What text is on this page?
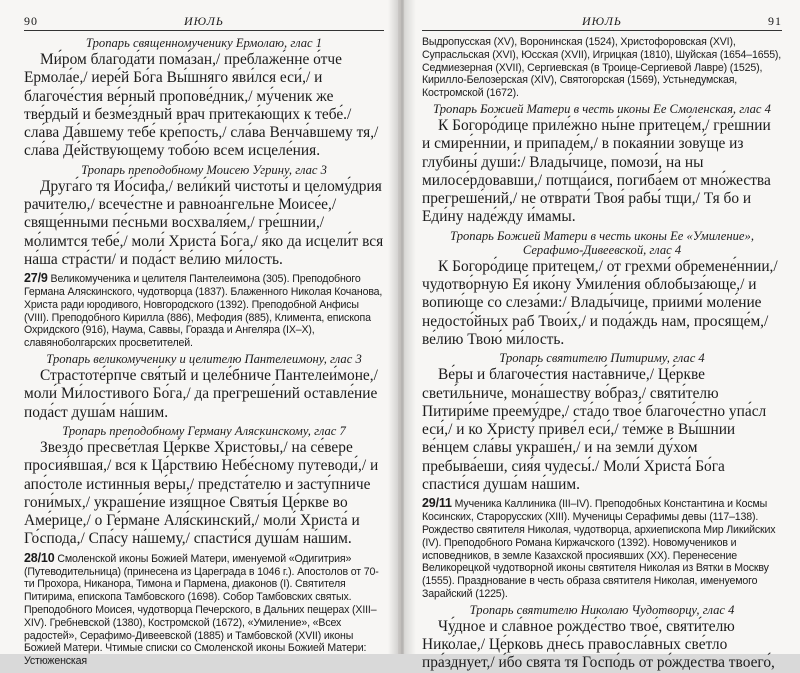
90	ИЮЛЬ
Тропарь священномученику Ермолаю, глас 1

Ми́ром благода́ти пома́зан,/ преблаже́нне о́тче Ермола́е,/ иере́й Бо́га Вы́шняго яви́лся еси́,/ и благоче́стия ве́рный пропове́дник,/ му́ченик же тве́рдый и безме́здный врач притека́ющих к тебе́./ сла́ва Да́вшему тебе́ кре́пость,/ сла́ва Венча́вшему тя,/ сла́ва Де́йствующему тобо́ю всем исцеле́ния.

Тропарь преподобному Моисею Угрину, глас 3

Друга́го тя Ио́сифа,/ вели́кий чистоты́ и целому́дрия рачи́телю,/ всече́стне и равноа́нгельне Моисе́е,/ свяще́нными пе́сньми восхваля́ем,/ гре́шнии,/ мо́лимтся тебе́,/ моли́ Христа́ Бо́га,/ я́ко да исцели́т вся на́ша стра́сти/ и пода́ст ве́лию ми́лость.

27/9 Великомученика и целителя Пантелеимона (305). Преподобного Германа Аляскинского, чудотворца (1837). Блаженного Николая Кочанова, Христа ради юродивого, Новгородского (1392). Преподобной Анфисы (VIII). Преподобного Кирилла (886), Мефодия (885), Климента, епископа Охридского (916), Наума, Саввы, Горазда и Ангеляра (IX–X), славяноболгарских просветителей.
Тропарь великомученику и целителю Пантелеимону, глас 3

Страстоте́рпче свя́тый и целе́бниче Пантелеи́моне,/ моли́ Ми́лостивого Бо́га,/ да прегреше́ний оставле́ние пода́ст душа́м на́шим.

Тропарь преподобному Герману Аляскинскому, глас 7

Звездо́ пресве́тлая Це́ркве Христо́вы,/ на се́вере просия́вшая,/ вся к Ца́рствию Небе́сному путеводи́,/ и апо́столе истинныя ве́ры,/ предста́телю и засту́пниче гони́мых,/ украше́ние изя́щное Святы́я Це́ркве во Аме́рице,/ о Ге́рмане Аля́скинский,/ моли́ Христа́ и Го́спода,/ Спа́су на́шему,/ спасти́ся душа́м на́шим.

28/10 Смоленской иконы Божией Матери, именуемой «Одигитрия» (Путеводительница) (принесена из Цареграда в 1046 г.). Апостолов от 70-ти Прохора, Никанора, Тимона и Пармена, диаконов (I). Святителя Питирима, епископа Тамбовского (1698). Собор Тамбовских святых. Преподобного Моисея, чудотворца Печерского, в Дальних пещерах (XIII–XIV). Гребневской (1380), Костромской (1672), «Умиление», «Всех радостей», Серафимо-Дивеевской (1885) и Тамбовской (XVII) иконы Божией Матери. Чтимые списки со Смоленской иконы Божией Матери: Устюженская
ИЮЛЬ	91
Выдропусская (XV), Воронинская (1524), Христофоровская (XVI), Супрасльская (XVI), Юсская (XVII), Игрицкая (1810), Шуйская (1654–1655), Седмиезерная (XVII), Сергиевская (в Троице-Сергиевой Лавре) (1525), Кирилло-Белозерская (XIV), Святогорская (1569), Устьнедумская, Костромской (1672).
Тропарь Божией Матери в честь иконы Ее Смоленская, глас 4

К Богоро́дице приле́жно ны́не притеце́м,/ гре́шнии и смире́ннии, и припаде́м,/ в покая́нии зову́ще из глубины́ души́:/ Влады́чице, помози́, на ны милосе́рдовавши,/ потща́ися, погиба́ем от мно́жества прегреше́ний,/ не отврати́ Твоя́ рабы́ тщи,/ Тя бо и Еди́ну наде́жду и́мамы.

Тропарь Божией Матери в честь иконы Ее «Умиление», Серафимо-Дивеевской, глас 4

К Богоро́дице притецем,/ от грехми́ обремене́ннии,/ чудотво́рную Ея́ ико́ну Умиле́ния облобыза́юще,/ и вопию́ще со слеза́ми:/ Влады́чице, приими́ моле́ние недосто́йных раб Твои́х,/ и пода́ждь нам, просяще́м,/ ве́лию Твою́ ми́лость.

Тропарь святителю Питириму, глас 4

Ве́ры и благоче́стия наста́вниче,/ Це́ркве свети́льниче, мона́шеству во́браз,/ святи́телю Питири́ме преему́дре,/ ста́до твое́ благоче́стно упа́сл еси́,/ и ко Христу́ приве́л еси́,/ те́мже в Вы́шнии ве́нцем сла́вы украше́н,/ и на земли́ ду́хом пребыва́еши, сия́я чудесы́./ Моли́ Христа́ Бо́га спасти́ся душа́м на́шим.

29/11 Мученика Каллиника (III–IV). Преподобных Константина и Космы Косинских, Старорусских (XIII). Мученицы Серафимы девы (117–138). Рождество святителя Николая, чудотворца, архиепископа Мир Ликийских (IV). Преподобного Романа Киржачского (1392). Новомучеников и исповедников, в земле Казахской просиявших (XX). Перенесение Великорецкой чудотворной иконы святителя Николая из Вятки в Москву (1555). Празднование в честь образа святителя Николая, именуемого Зарайский (1225).
Тропарь святителю Николаю Чудотворцу, глас 4

Чу́дное и сла́вное рожде́ство твое́, святи́телю Нико́лае,/ Це́рковь дне́сь правосла́вных све́тло пра́зднует,/ и́бо свята тя Госпо́дь от ро́ждества твоего́,
